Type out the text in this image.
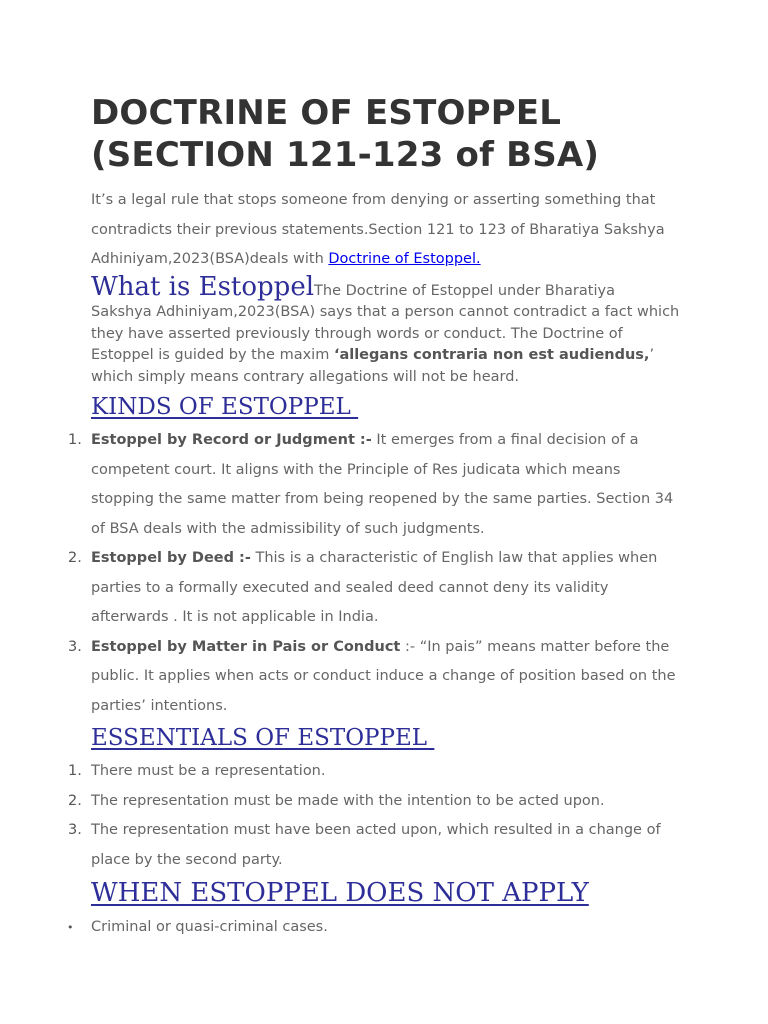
DOCTRINE OF ESTOPPEL
(SECTION 121-123 of BSA)

It’s a legal rule that stops someone from denying or asserting something that contradicts their previous statements.Section 121 to 123 of Bharatiya Sakshya Adhiniyam,2023(BSA)deals with Doctrine of Estoppel.

What is EstoppelThe Doctrine of Estoppel under Bharatiya Sakshya Adhiniyam,2023(BSA) says that a person cannot contradict a fact which they have asserted previously through words or conduct. The Doctrine of Estoppel is guided by the maxim ‘allegans contraria non est audiendus,’ which simply means contrary allegations will not be heard.

KINDS OF ESTOPPEL
1. Estoppel by Record or Judgment :- It emerges from a final decision of a competent court. It aligns with the Principle of Res judicata which means stopping the same matter from being reopened by the same parties. Section 34 of BSA deals with the admissibility of such judgments.
2. Estoppel by Deed :- This is a characteristic of English law that applies when parties to a formally executed and sealed deed cannot deny its validity afterwards . It is not applicable in India.
3. Estoppel by Matter in Pais or Conduct :- “In pais” means matter before the public. It applies when acts or conduct induce a change of position based on the parties’ intentions.
ESSENTIALS OF ESTOPPEL
1. There must be a representation.
2. The representation must be made with the intention to be acted upon.
3. The representation must have been acted upon, which resulted in a change of place by the second party.
WHEN ESTOPPEL DOES NOT APPLY
• Criminal or quasi-criminal cases.
